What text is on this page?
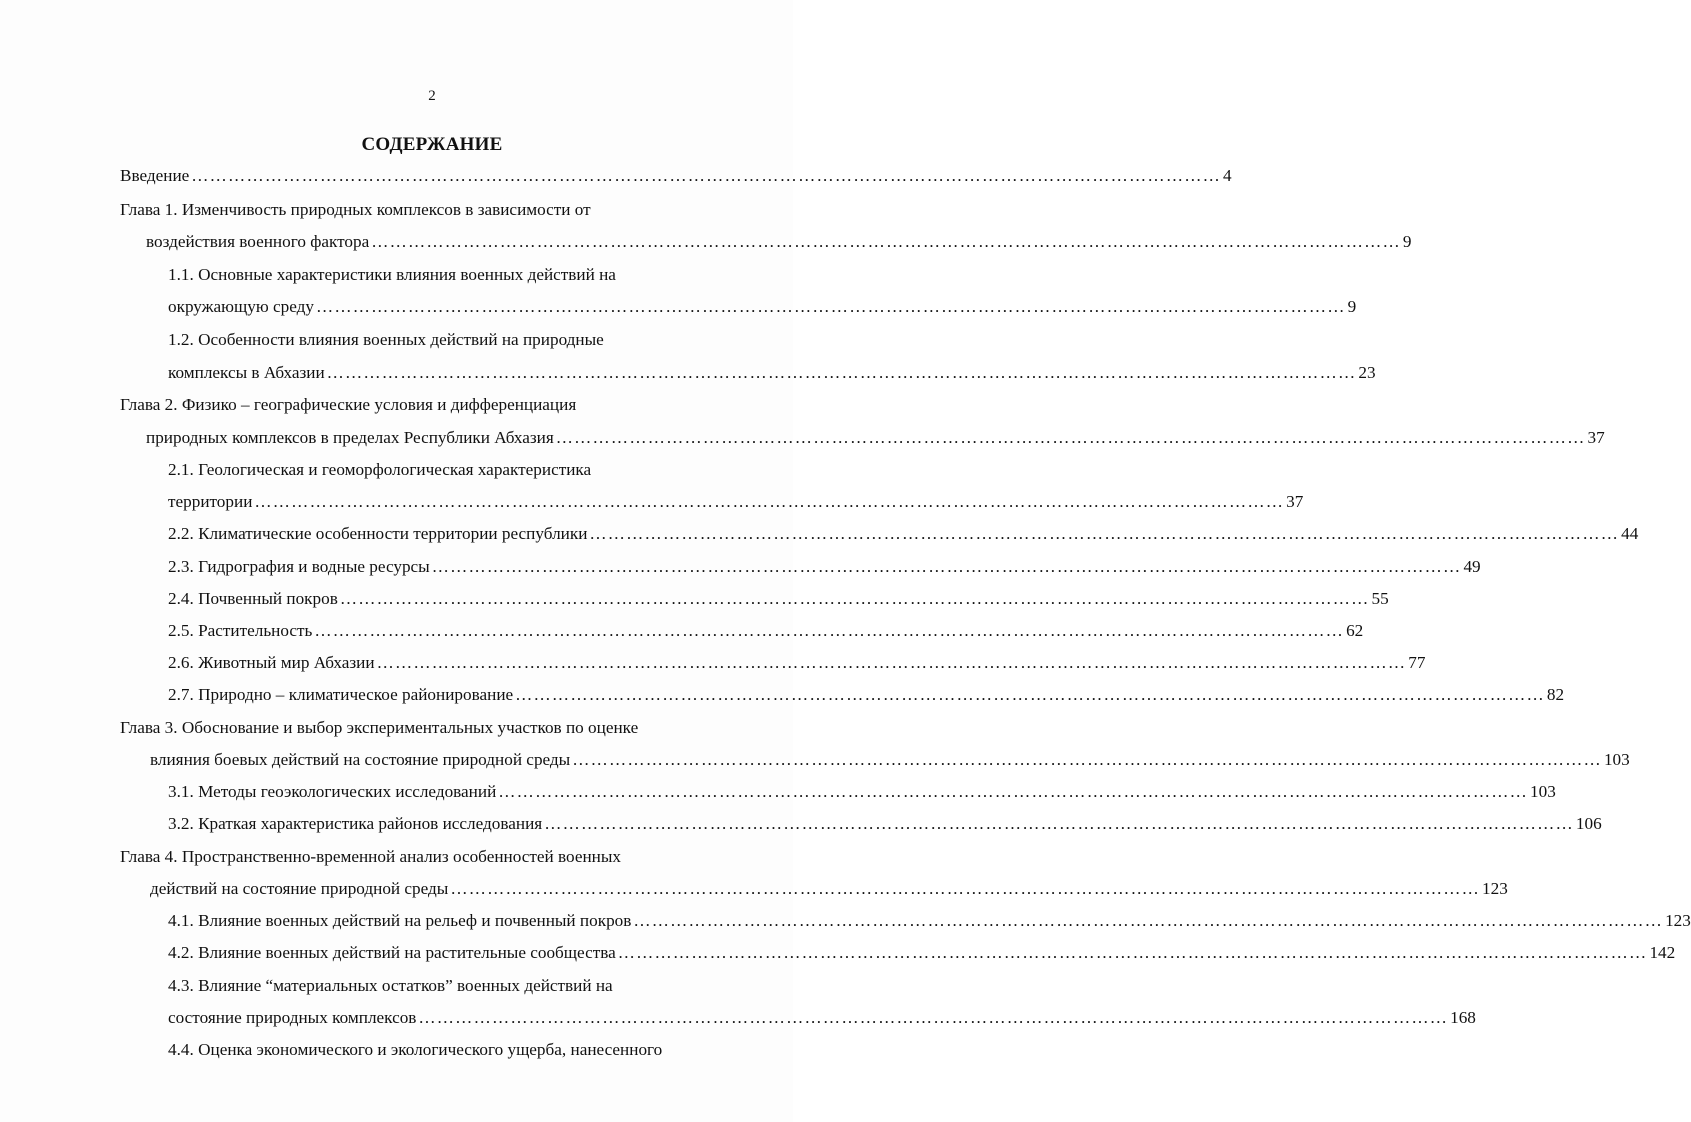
2
СОДЕРЖАНИЕ
Введение …………………………………………………………………………………………………………………………………………………… 4
Глава 1. Изменчивость природных комплексов в зависимости от
воздействия военного фактора …………………………………………………………………………………………………………………………………………………… 9
1.1. Основные характеристики влияния военных действий на
окружающую среду …………………………………………………………………………………………………………………………………………………… 9
1.2. Особенности влияния военных действий на природные
комплексы в Абхазии …………………………………………………………………………………………………………………………………………………… 23
Глава 2. Физико – географические условия и дифференциация
природных комплексов в пределах Республики Абхазия …………………………………………………………………………………………………………………………………………………… 37
2.1. Геологическая и геоморфологическая характеристика
территории …………………………………………………………………………………………………………………………………………………… 37
2.2. Климатические особенности территории республики …………………………………………………………………………………………………………………………………………………… 44
2.3. Гидрография и водные ресурсы …………………………………………………………………………………………………………………………………………………… 49
2.4. Почвенный покров …………………………………………………………………………………………………………………………………………………… 55
2.5. Растительность …………………………………………………………………………………………………………………………………………………… 62
2.6. Животный мир Абхазии …………………………………………………………………………………………………………………………………………………… 77
2.7. Природно – климатическое районирование …………………………………………………………………………………………………………………………………………………… 82
Глава 3. Обоснование и выбор экспериментальных участков по оценке
влияния боевых действий на состояние природной среды …………………………………………………………………………………………………………………………………………………… 103
3.1. Методы геоэкологических исследований …………………………………………………………………………………………………………………………………………………… 103
3.2. Краткая характеристика районов исследования …………………………………………………………………………………………………………………………………………………… 106
Глава 4. Пространственно-временной анализ особенностей военных
действий на состояние природной среды …………………………………………………………………………………………………………………………………………………… 123
4.1. Влияние военных действий на рельеф и почвенный покров …………………………………………………………………………………………………………………………………………………… 123
4.2. Влияние военных действий на растительные сообщества …………………………………………………………………………………………………………………………………………………… 142
4.3. Влияние “материальных остатков” военных действий на
состояние природных комплексов …………………………………………………………………………………………………………………………………………………… 168
4.4. Оценка экономического и экологического ущерба, нанесенного
